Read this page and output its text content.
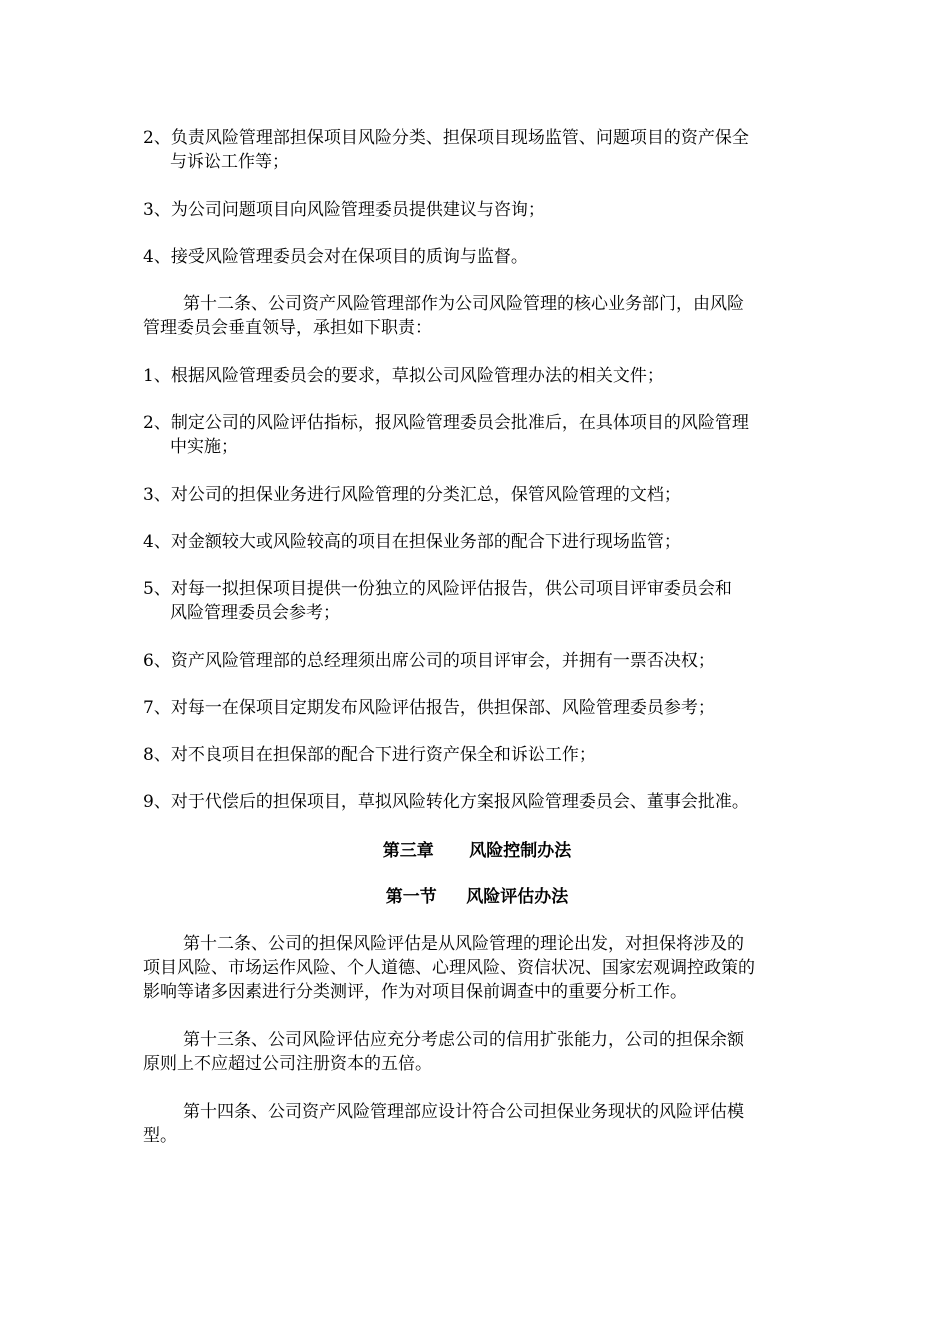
2、负责风险管理部担保项目风险分类、担保项目现场监管、问题项目的资产保全
与诉讼工作等；
3、为公司问题项目向风险管理委员提供建议与咨询；
4、接受风险管理委员会对在保项目的质询与监督。
第十二条、公司资产风险管理部作为公司风险管理的核心业务部门，由风险
管理委员会垂直领导，承担如下职责：
1、根据风险管理委员会的要求，草拟公司风险管理办法的相关文件；
2、制定公司的风险评估指标，报风险管理委员会批准后，在具体项目的风险管理
中实施；
3、对公司的担保业务进行风险管理的分类汇总，保管风险管理的文档；
4、对金额较大或风险较高的项目在担保业务部的配合下进行现场监管；
5、对每一拟担保项目提供一份独立的风险评估报告，供公司项目评审委员会和
风险管理委员会参考；
6、资产风险管理部的总经理须出席公司的项目评审会，并拥有一票否决权；
7、对每一在保项目定期发布风险评估报告，供担保部、风险管理委员参考；
8、对不良项目在担保部的配合下进行资产保全和诉讼工作；
9、对于代偿后的担保项目，草拟风险转化方案报风险管理委员会、董事会批准。
第三章      风险控制办法
第一节     风险评估办法
第十二条、公司的担保风险评估是从风险管理的理论出发，对担保将涉及的
项目风险、市场运作风险、个人道德、心理风险、资信状况、国家宏观调控政策的
影响等诸多因素进行分类测评，作为对项目保前调查中的重要分析工作。
第十三条、公司风险评估应充分考虑公司的信用扩张能力，公司的担保余额
原则上不应超过公司注册资本的五倍。
第十四条、公司资产风险管理部应设计符合公司担保业务现状的风险评估模
型。
